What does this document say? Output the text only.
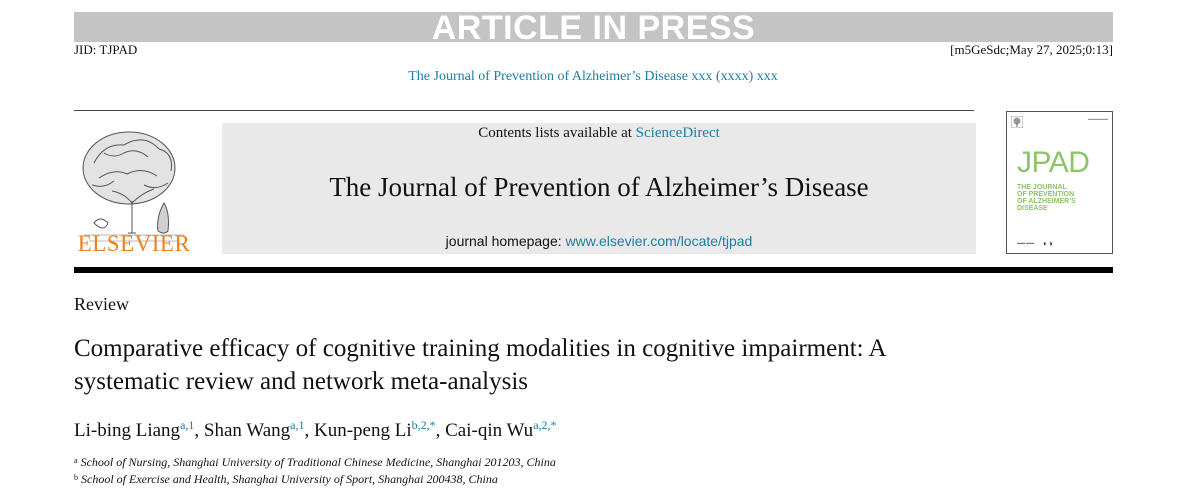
ARTICLE IN PRESS
JID: TJPAD	[m5GeSdc;May 27, 2025;0:13]
The Journal of Prevention of Alzheimer’s Disease xxx (xxxx) xxx
ELSEVIER
Contents lists available at ScienceDirect
The Journal of Prevention of Alzheimer’s Disease
journal homepage: www.elsevier.com/locate/tjpad
▬▬▬▬▬
JPAD
THE JOURNAL
OF PREVENTION
OF ALZHEIMER’S
DISEASE
▬▬ ▬▬ ◐◑
Review
Comparative efficacy of cognitive training modalities in cognitive impairment: A systematic review and network meta-analysis
Li-bing Liang$^{a,1}$, Shan Wang$^{a,1}$, Kun-peng $Li^{b,2,*}$, Cai-qin $Wu^{a,2,*}$
$^a$ School of Nursing, Shanghai University of Traditional Chinese Medicine, Shanghai 201203, China
$^b$ School of Exercise and Health, Shanghai University of Sport, Shanghai 200438, China
